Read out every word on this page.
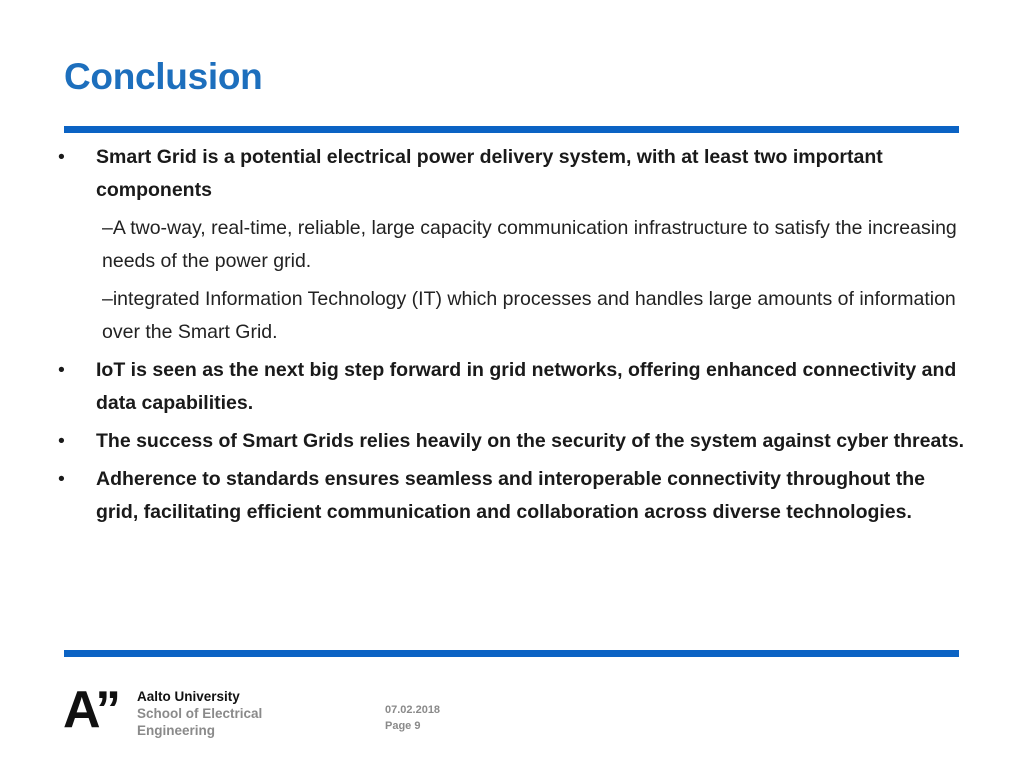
Conclusion
•	Smart Grid is a potential electrical power delivery system, with at least two important components
–A two-way, real-time, reliable, large capacity communication infrastructure to satisfy the increasing needs of the power grid.
–integrated Information Technology (IT) which processes and handles large amounts of information over the Smart Grid.
•	IoT is seen as the next big step forward in grid networks, offering enhanced connectivity and data capabilities.
•	The success of Smart Grids relies heavily on the security of the system against cyber threats.
•	Adherence to standards ensures seamless and interoperable connectivity throughout the grid, facilitating efficient communication and collaboration across diverse technologies.
A’’ Aalto University
School of Electrical
Engineering
07.02.2018
Page 9
